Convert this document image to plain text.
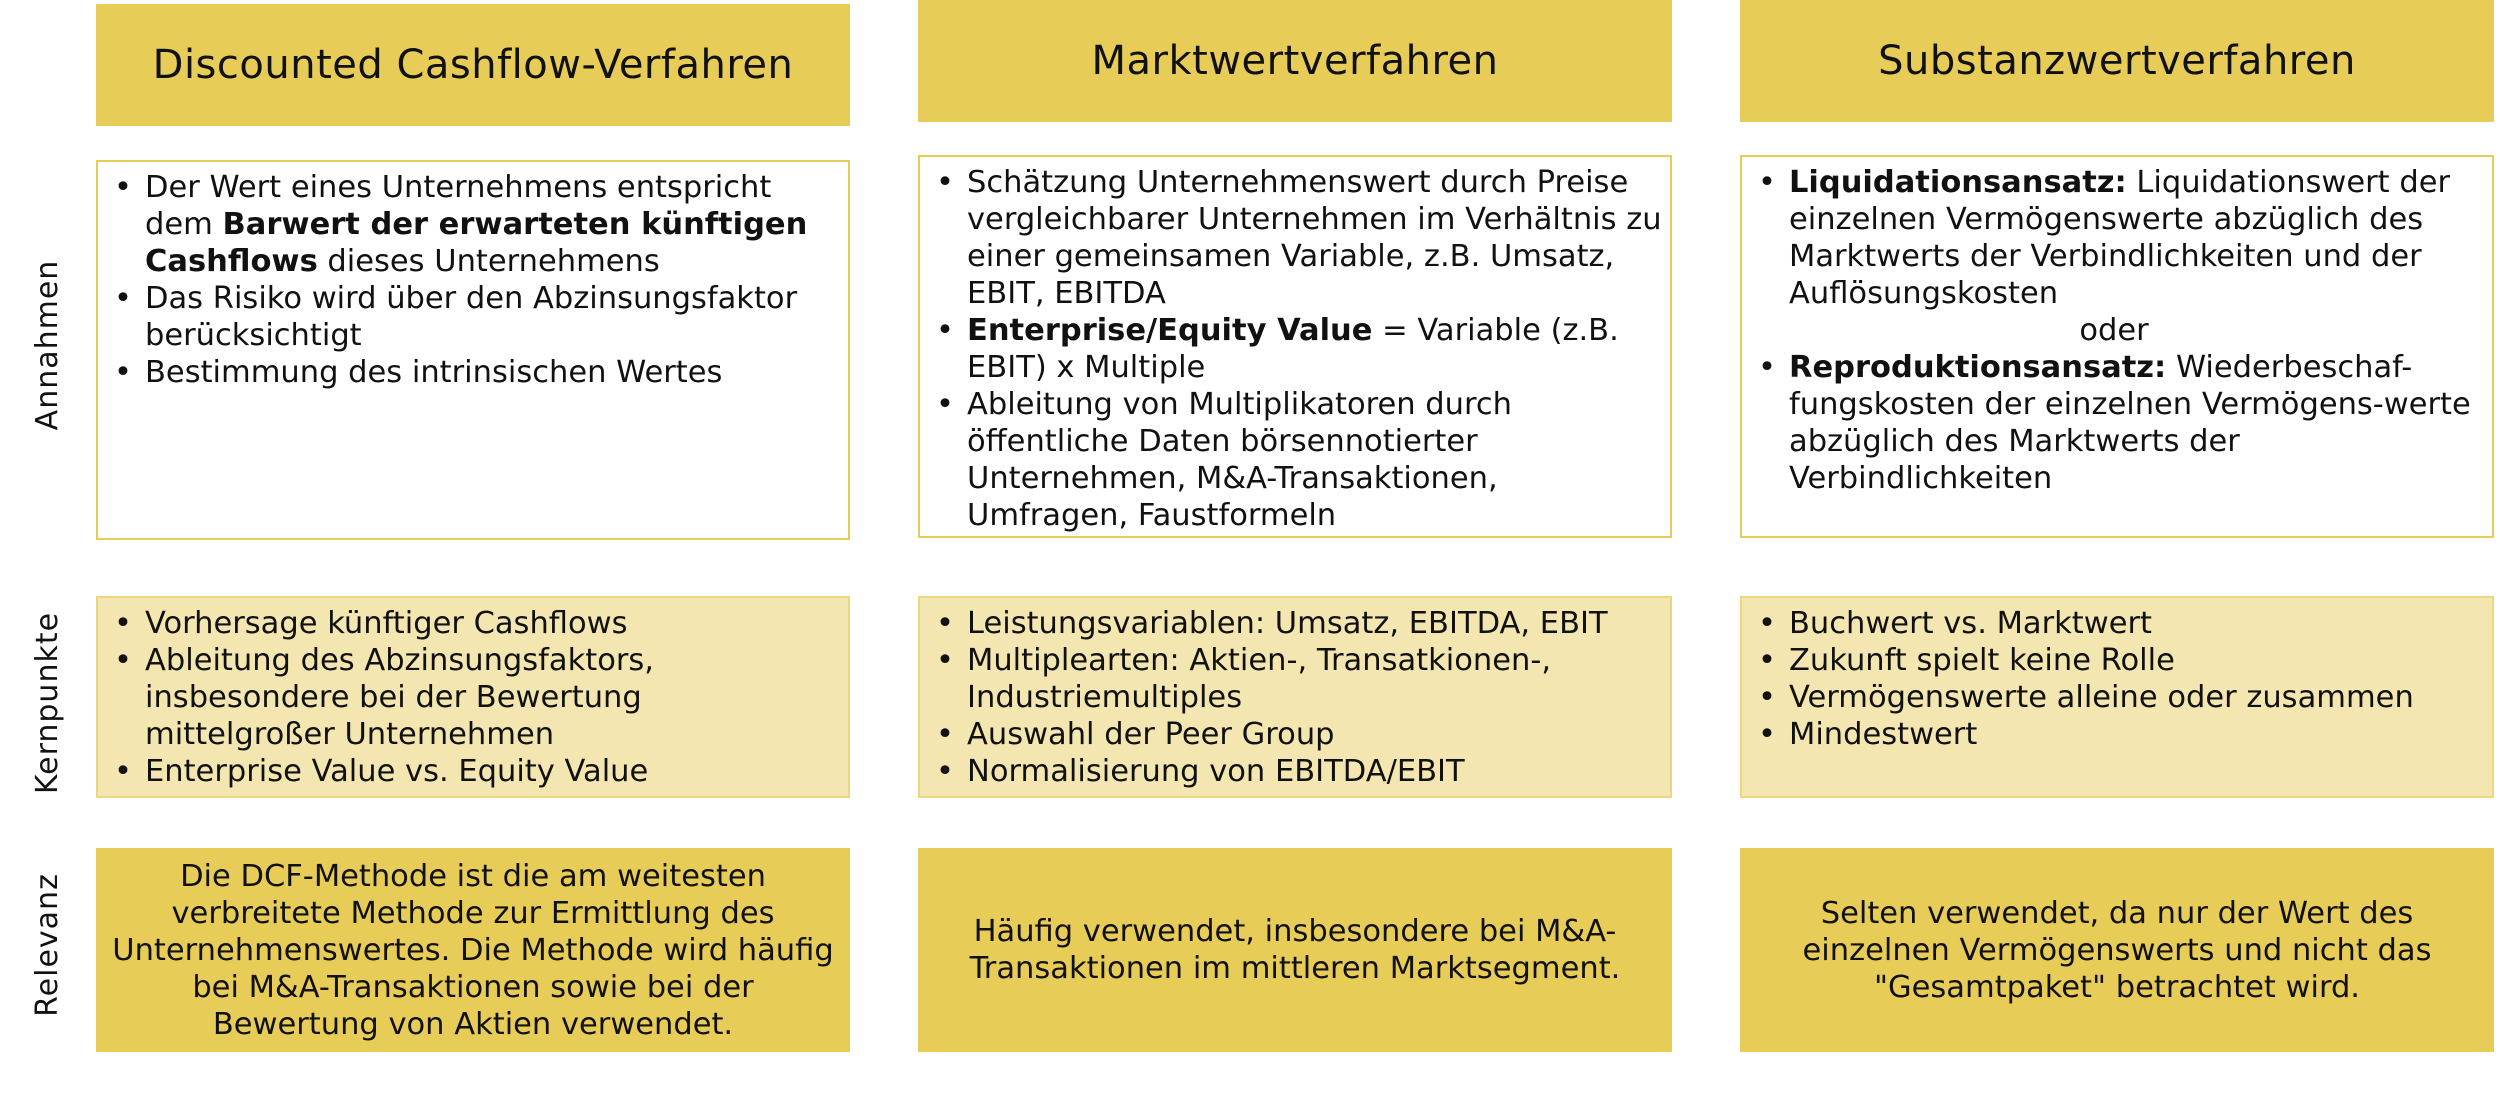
Annahmen
Kernpunkte
Relevanz
Discounted Cashflow-Verfahren
• Der Wert eines Unternehmens entspricht dem Barwert der erwarteten künftigen Cashflows dieses Unternehmens
• Das Risiko wird über den Abzinsungsfaktor berücksichtigt
• Bestimmung des intrinsischen Wertes
• Vorhersage künftiger Cashflows
• Ableitung des Abzinsungsfaktors, insbesondere bei der Bewertung mittelgroßer Unternehmen
• Enterprise Value vs. Equity Value
Die DCF-Methode ist die am weitesten verbreitete Methode zur Ermittlung des Unternehmenswertes. Die Methode wird häufig bei M&A-Transaktionen sowie bei der Bewertung von Aktien verwendet.
Marktwertverfahren
• Schätzung Unternehmenswert durch Preise vergleichbarer Unternehmen im Verhältnis zu einer gemeinsamen Variable, z.B. Umsatz, EBIT, EBITDA
• Enterprise/Equity Value = Variable (z.B. EBIT) x Multiple
• Ableitung von Multiplikatoren durch öffentliche Daten börsennotierter Unternehmen, M&A-Transaktionen, Umfragen, Faustformeln
• Leistungsvariablen: Umsatz, EBITDA, EBIT
• Multiplearten: Aktien-, Transatkionen-, Industriemultiples
• Auswahl der Peer Group
• Normalisierung von EBITDA/EBIT
Häufig verwendet, insbesondere bei M&A-Transaktionen im mittleren Marktsegment.
Substanzwertverfahren
• Liquidationsansatz: Liquidationswert der einzelnen Vermögenswerte abzüglich des Marktwerts der Verbindlichkeiten und der Auflösungskosten
oder
• Reproduktionsansatz: Wiederbeschaf-fungskosten der einzelnen Vermögens-werte abzüglich des Marktwerts der Verbindlichkeiten
• Buchwert vs. Marktwert
• Zukunft spielt keine Rolle
• Vermögenswerte alleine oder zusammen
• Mindestwert
Selten verwendet, da nur der Wert des einzelnen Vermögenswerts und nicht das "Gesamtpaket" betrachtet wird.
